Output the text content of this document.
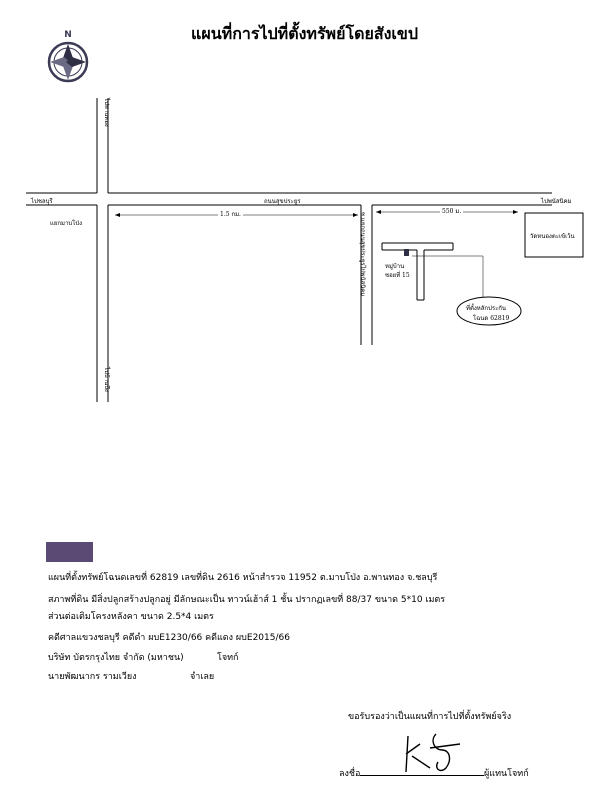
แผนที่การไปที่ตั้งทรัพย์โดยสังเขป
N
ไปพานทอง
ไปชลบุรี	ไปพนัสนิคม
ถนนสุขประยูร
แยกมาบโป่ง
ไปบ้านบึง
1.5 กม.	550 ม.
ซ.แยกถนนสุขประยูรไปพนัสนิคม	วัดหนองตะเข้เว้น
หมู่บ้าน
ซอยที่ 15
ที่ตั้งหลักประกัน
โฉนด 62819
แผนที่ตั้งทรัพย์โฉนดเลขที่ 62819 เลขที่ดิน 2616 หน้าสำรวจ 11952 ต.มาบโป่ง อ.พานทอง จ.ชลบุรี
สภาพที่ดิน มีสิ่งปลูกสร้างปลูกอยู่ มีลักษณะเป็น ทาวน์เฮ้าส์ 1 ชั้น ปรากฏเลขที่ 88/37 ขนาด 5*10 เมตร
ส่วนต่อเติมโครงหลังคา ขนาด 2.5*4 เมตร
คดีศาลแขวงชลบุรี คดีดำ ผบE1230/66 คดีแดง ผบE2015/66
บริษัท บัตรกรุงไทย จำกัด (มหาชน)	โจทก์
นายพัฒนากร รามเวียง	จำเลย
ขอรับรองว่าเป็นแผนที่การไปที่ตั้งทรัพย์จริง
ลงชื่อ	ผู้แทนโจทก์
